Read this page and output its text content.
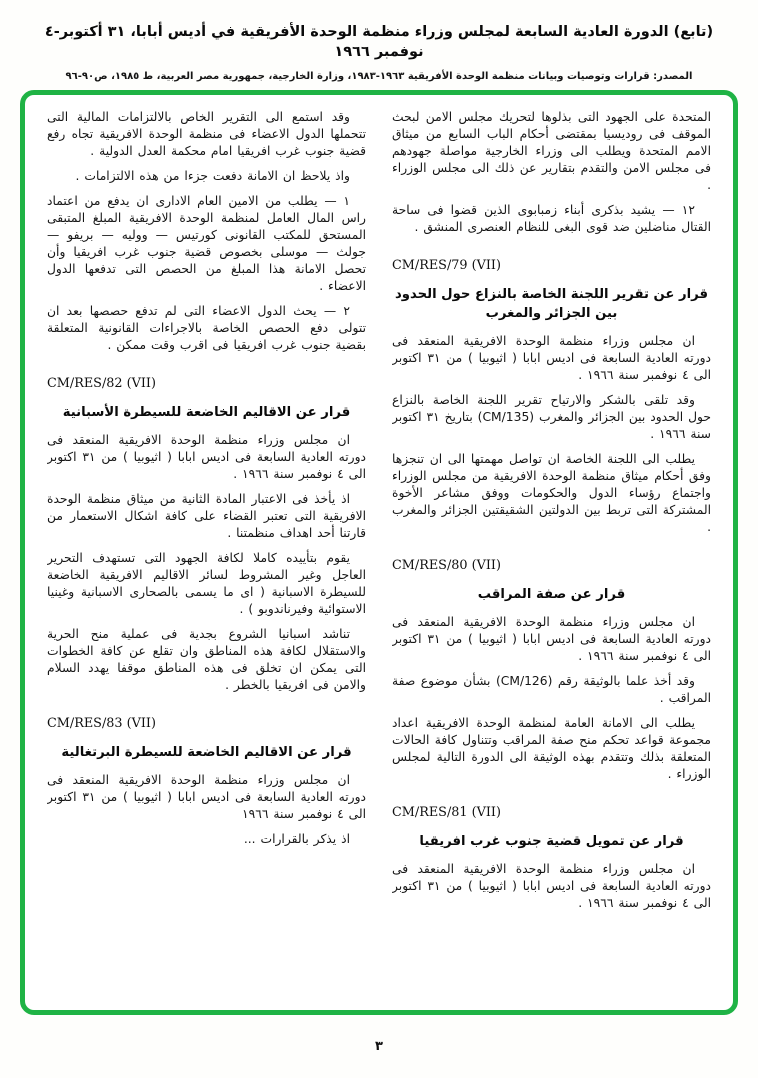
(تابع) الدورة العادية السابعة لمجلس وزراء منظمة الوحدة الأفريقية في أديس أبابا، ٣١ أكتوبر-٤ نوفمبر ١٩٦٦
المصدر: قرارات وتوصيات وبيانات منظمة الوحدة الأفريقية ١٩٦٣-١٩٨٣، وزارة الخارجية، جمهورية مصر العربية، ط ١٩٨٥، ص٩٠-٩٦

المتحدة على الجهود التى بذلوها لتحريك مجلس الامن لبحث الموقف فى روديسيا بمقتضى أحكام الباب السابع من ميثاق الامم المتحدة ويطلب الى وزراء الخارجية مواصلة جهودهم فى مجلس الامن والتقدم بتقارير عن ذلك الى مجلس الوزراء .

١٢ — يشيد بذكرى أبناء زمبابوى الذين قضوا فى ساحة القتال مناضلين ضد قوى البغى للنظام العنصرى المنشق .

CM/RES/79 (VII)
قرار عن تقرير اللجنة الخاصة بالنزاع حول الحدود بين الجزائر والمغرب

ان مجلس وزراء منظمة الوحدة الافريقية المنعقد فى دورته العادية السابعة فى اديس ابابا ( اثيوبيا ) من ٣١ اكتوبر الى ٤ نوفمبر سنة ١٩٦٦ .

وقد تلقى بالشكر والارتياح تقرير اللجنة الخاصة بالنزاع حول الحدود بين الجزائر والمغرب (CM/135) بتاريخ ٣١ اكتوبر سنة ١٩٦٦ .

يطلب الى اللجنة الخاصة ان تواصل مهمتها الى ان تنجزها وفق أحكام ميثاق منظمة الوحدة الافريقية من مجلس الوزراء واجتماع رؤساء الدول والحكومات ووفق مشاعر الأخوة المشتركة التى تربط بين الدولتين الشقيقتين الجزائر والمغرب .

CM/RES/80 (VII)
قرار عن صفة المراقب

ان مجلس وزراء منظمة الوحدة الافريقية المنعقد فى دورته العادية السابعة فى اديس ابابا ( اثيوبيا ) من ٣١ اكتوبر الى ٤ نوفمبر سنة ١٩٦٦ .

وقد أخذ علما بالوثيقة رقم (CM/126) بشأن موضوع صفة المراقب .

يطلب الى الامانة العامة لمنظمة الوحدة الافريقية اعداد مجموعة قواعد تحكم منح صفة المراقب وتتناول كافة الحالات المتعلقة بذلك وتتقدم بهذه الوثيقة الى الدورة التالية لمجلس الوزراء .

CM/RES/81 (VII)
قرار عن تمويل قضية جنوب غرب افريقيا

ان مجلس وزراء منظمة الوحدة الافريقية المنعقد فى دورته العادية السابعة فى اديس ابابا ( اثيوبيا ) من ٣١ اكتوبر الى ٤ نوفمبر سنة ١٩٦٦ .

وقد استمع الى التقرير الخاص بالالتزامات المالية التى تتحملها الدول الاعضاء فى منظمة الوحدة الافريقية تجاه رفع قضية جنوب غرب افريقيا امام محكمة العدل الدولية .

واذ يلاحظ ان الامانة دفعت جزءا من هذه الالتزامات .

١ — يطلب من الامين العام الادارى ان يدفع من اعتماد راس المال العامل لمنظمة الوحدة الافريقية المبلغ المتبقى المستحق للمكتب القانونى كورتيس — ووليه — بريفو — جولث — موسلى بخصوص قضية جنوب غرب افريقيا وأن تحصل الامانة هذا المبلغ من الحصص التى تدفعها الدول الاعضاء .

٢ — يحث الدول الاعضاء التى لم تدفع حصصها بعد ان تتولى دفع الحصص الخاصة بالاجراءات القانونية المتعلقة بقضية جنوب غرب افريقيا فى اقرب وقت ممكن .

CM/RES/82 (VII)
قرار عن الاقاليم الخاضعة للسيطرة الأسبانية

ان مجلس وزراء منظمة الوحدة الافريقية المنعقد فى دورته العادية السابعة فى اديس ابابا ( اثيوبيا ) من ٣١ اكتوبر الى ٤ نوفمبر سنة ١٩٦٦ .

اذ يأخذ فى الاعتبار المادة الثانية من ميثاق منظمة الوحدة الافريقية التى تعتبر القضاء على كافة اشكال الاستعمار من قارتنا أحد اهداف منظمتنا .

يقوم بتأييده كاملا لكافة الجهود التى تستهدف التحرير العاجل وغير المشروط لسائر الاقاليم الافريقية الخاضعة للسيطرة الاسبانية ( اى ما يسمى بالصحارى الاسبانية وغينيا الاستوائية وفيرناندوبو ) .

تناشد اسبانيا الشروع بجدية فى عملية منح الحرية والاستقلال لكافة هذه المناطق وان تقلع عن كافة الخطوات التى يمكن ان تخلق فى هذه المناطق موقفا يهدد السلام والامن فى افريقيا بالخطر .

CM/RES/83 (VII)
قرار عن الاقاليم الخاضعة للسيطرة البرتغالية

ان مجلس وزراء منظمة الوحدة الافريقية المنعقد فى دورته العادية السابعة فى اديس ابابا ( اثيوبيا ) من ٣١ اكتوبر الى ٤ نوفمبر سنة ١٩٦٦

اذ يذكر بالقرارات ...

٣
